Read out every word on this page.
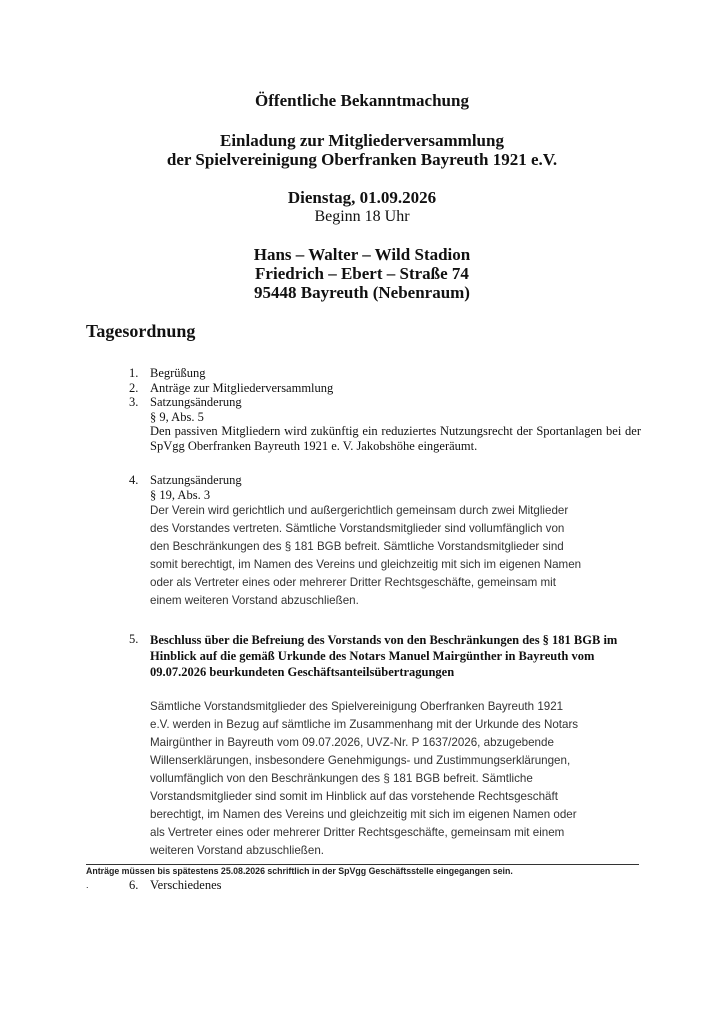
Öffentliche Bekanntmachung

Einladung zur Mitgliederversammlung

der Spielvereinigung Oberfranken Bayreuth 1921 e.V.

Dienstag, 01.09.2026

Beginn 18 Uhr

Hans – Walter – Wild Stadion

Friedrich – Ebert – Straße 74

95448 Bayreuth (Nebenraum)

Tagesordnung

1. Begrüßung

2. Anträge zur Mitgliederversammlung

3. Satzungsänderung

§ 9, Abs. 5

Den passiven Mitgliedern wird zukünftig ein reduziertes Nutzungsrecht der Sportanlagen bei der SpVgg Oberfranken Bayreuth 1921 e. V. Jakobshöhe eingeräumt.

4. Satzungsänderung

§ 19, Abs. 3

Der Verein wird gerichtlich und außergerichtlich gemeinsam durch zwei Mitglieder

des Vorstandes vertreten. Sämtliche Vorstandsmitglieder sind vollumfänglich von

den Beschränkungen des § 181 BGB befreit. Sämtliche Vorstandsmitglieder sind

somit berechtigt, im Namen des Vereins und gleichzeitig mit sich im eigenen Namen

oder als Vertreter eines oder mehrerer Dritter Rechtsgeschäfte, gemeinsam mit

einem weiteren Vorstand abzuschließen.

5. Beschluss über die Befreiung des Vorstands von den Beschränkungen des § 181 BGB im

Hinblick auf die gemäß Urkunde des Notars Manuel Mairgünther in Bayreuth vom

09.07.2026 beurkundeten Geschäftsanteilsübertragungen

Sämtliche Vorstandsmitglieder des Spielvereinigung Oberfranken Bayreuth 1921

e.V. werden in Bezug auf sämtliche im Zusammenhang mit der Urkunde des Notars

Mairgünther in Bayreuth vom 09.07.2026, UVZ-Nr. P 1637/2026, abzugebende

Willenserklärungen, insbesondere Genehmigungs- und Zustimmungserklärungen,

vollumfänglich von den Beschränkungen des § 181 BGB befreit. Sämtliche

Vorstandsmitglieder sind somit im Hinblick auf das vorstehende Rechtsgeschäft

berechtigt, im Namen des Vereins und gleichzeitig mit sich im eigenen Namen oder

als Vertreter eines oder mehrerer Dritter Rechtsgeschäfte, gemeinsam mit einem

weiteren Vorstand abzuschließen.

6. Verschiedenes

Anträge müssen bis spätestens 25.08.2026 schriftlich in der SpVgg Geschäftsstelle eingegangen sein.

.
